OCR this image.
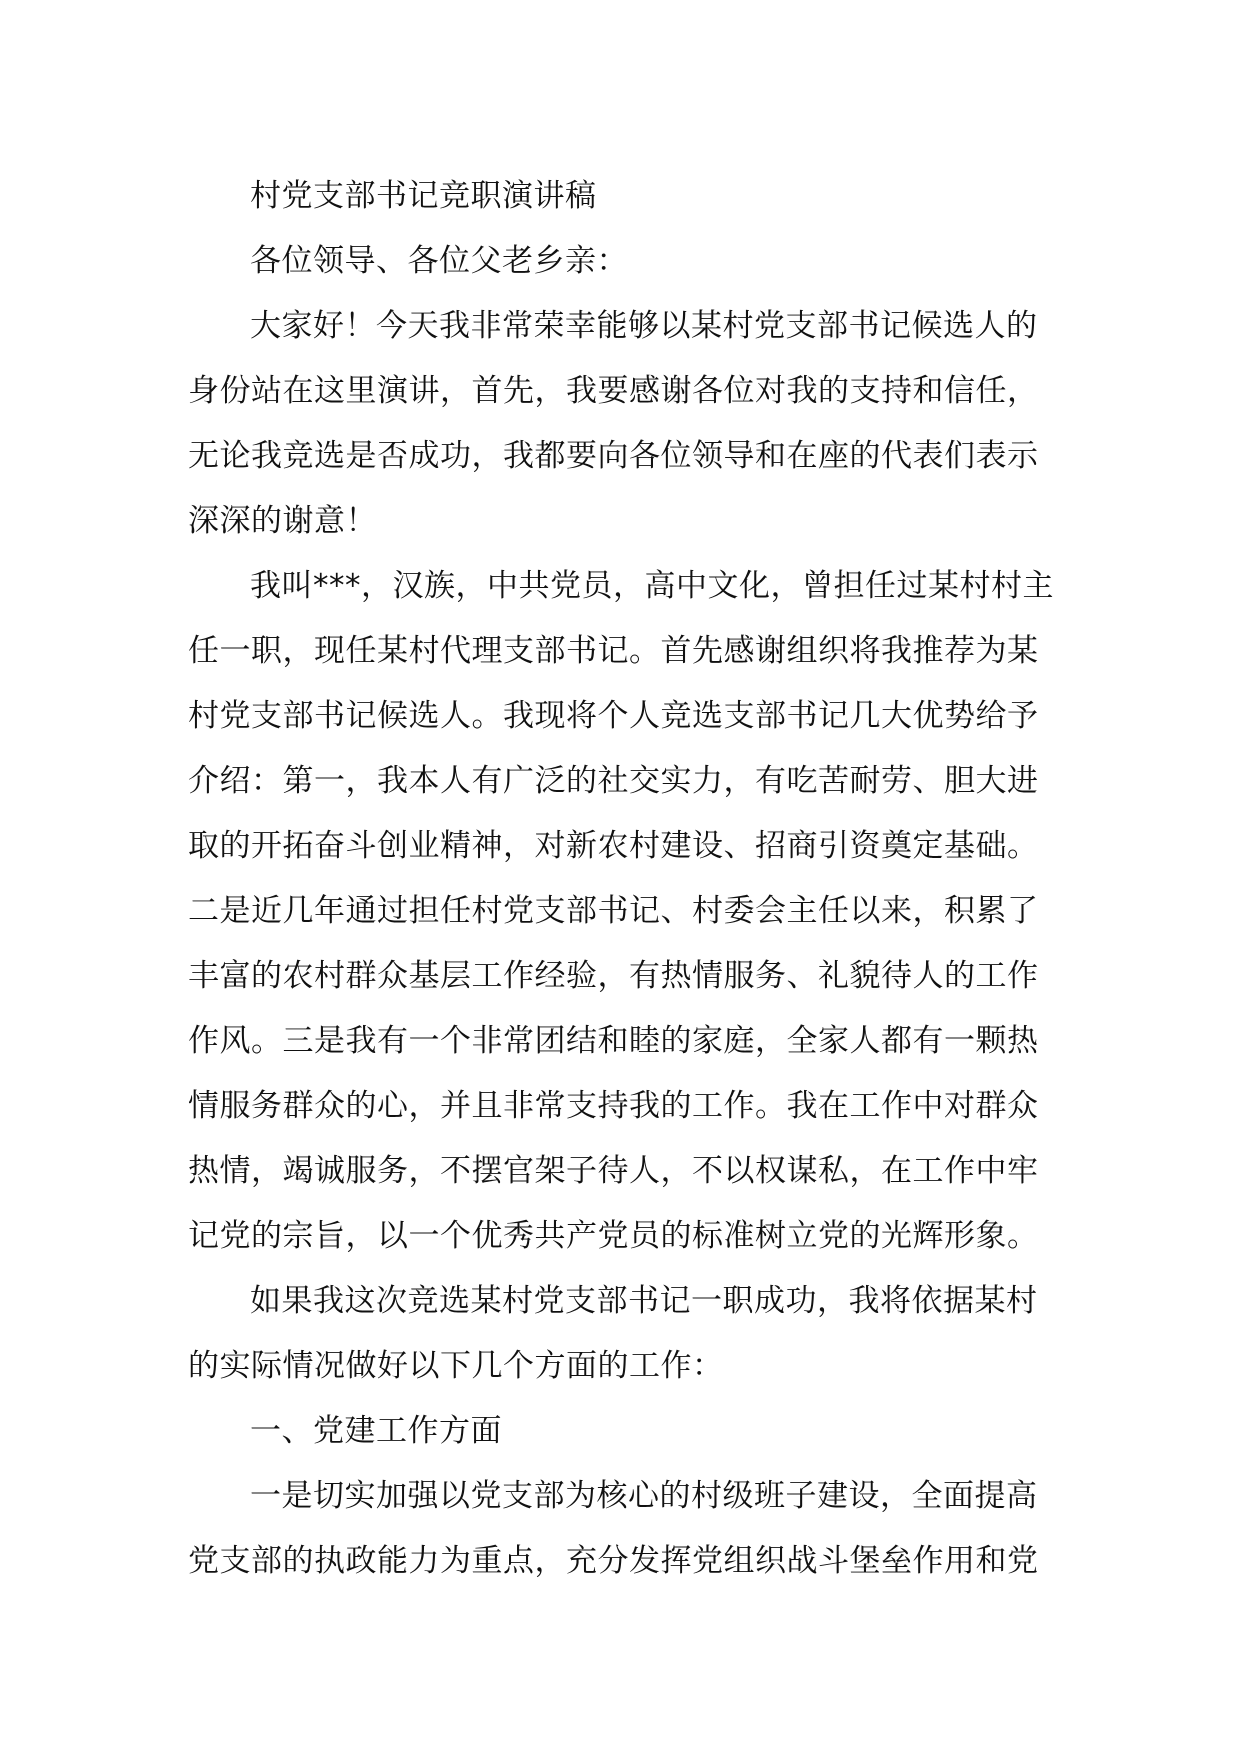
村党支部书记竞职演讲稿
各位领导、各位父老乡亲：
大家好！今天我非常荣幸能够以某村党支部书记候选人的
身份站在这里演讲，首先，我要感谢各位对我的支持和信任，
无论我竞选是否成功，我都要向各位领导和在座的代表们表示
深深的谢意！
我叫***，汉族，中共党员，高中文化，曾担任过某村村主
任一职，现任某村代理支部书记。首先感谢组织将我推荐为某
村党支部书记候选人。我现将个人竞选支部书记几大优势给予
介绍：第一，我本人有广泛的社交实力，有吃苦耐劳、胆大进
取的开拓奋斗创业精神，对新农村建设、招商引资奠定基础。
二是近几年通过担任村党支部书记、村委会主任以来，积累了
丰富的农村群众基层工作经验，有热情服务、礼貌待人的工作
作风。三是我有一个非常团结和睦的家庭，全家人都有一颗热
情服务群众的心，并且非常支持我的工作。我在工作中对群众
热情，竭诚服务，不摆官架子待人，不以权谋私，在工作中牢
记党的宗旨，以一个优秀共产党员的标准树立党的光辉形象。
如果我这次竞选某村党支部书记一职成功，我将依据某村
的实际情况做好以下几个方面的工作：
一、党建工作方面
一是切实加强以党支部为核心的村级班子建设，全面提高
党支部的执政能力为重点，充分发挥党组织战斗堡垒作用和党
